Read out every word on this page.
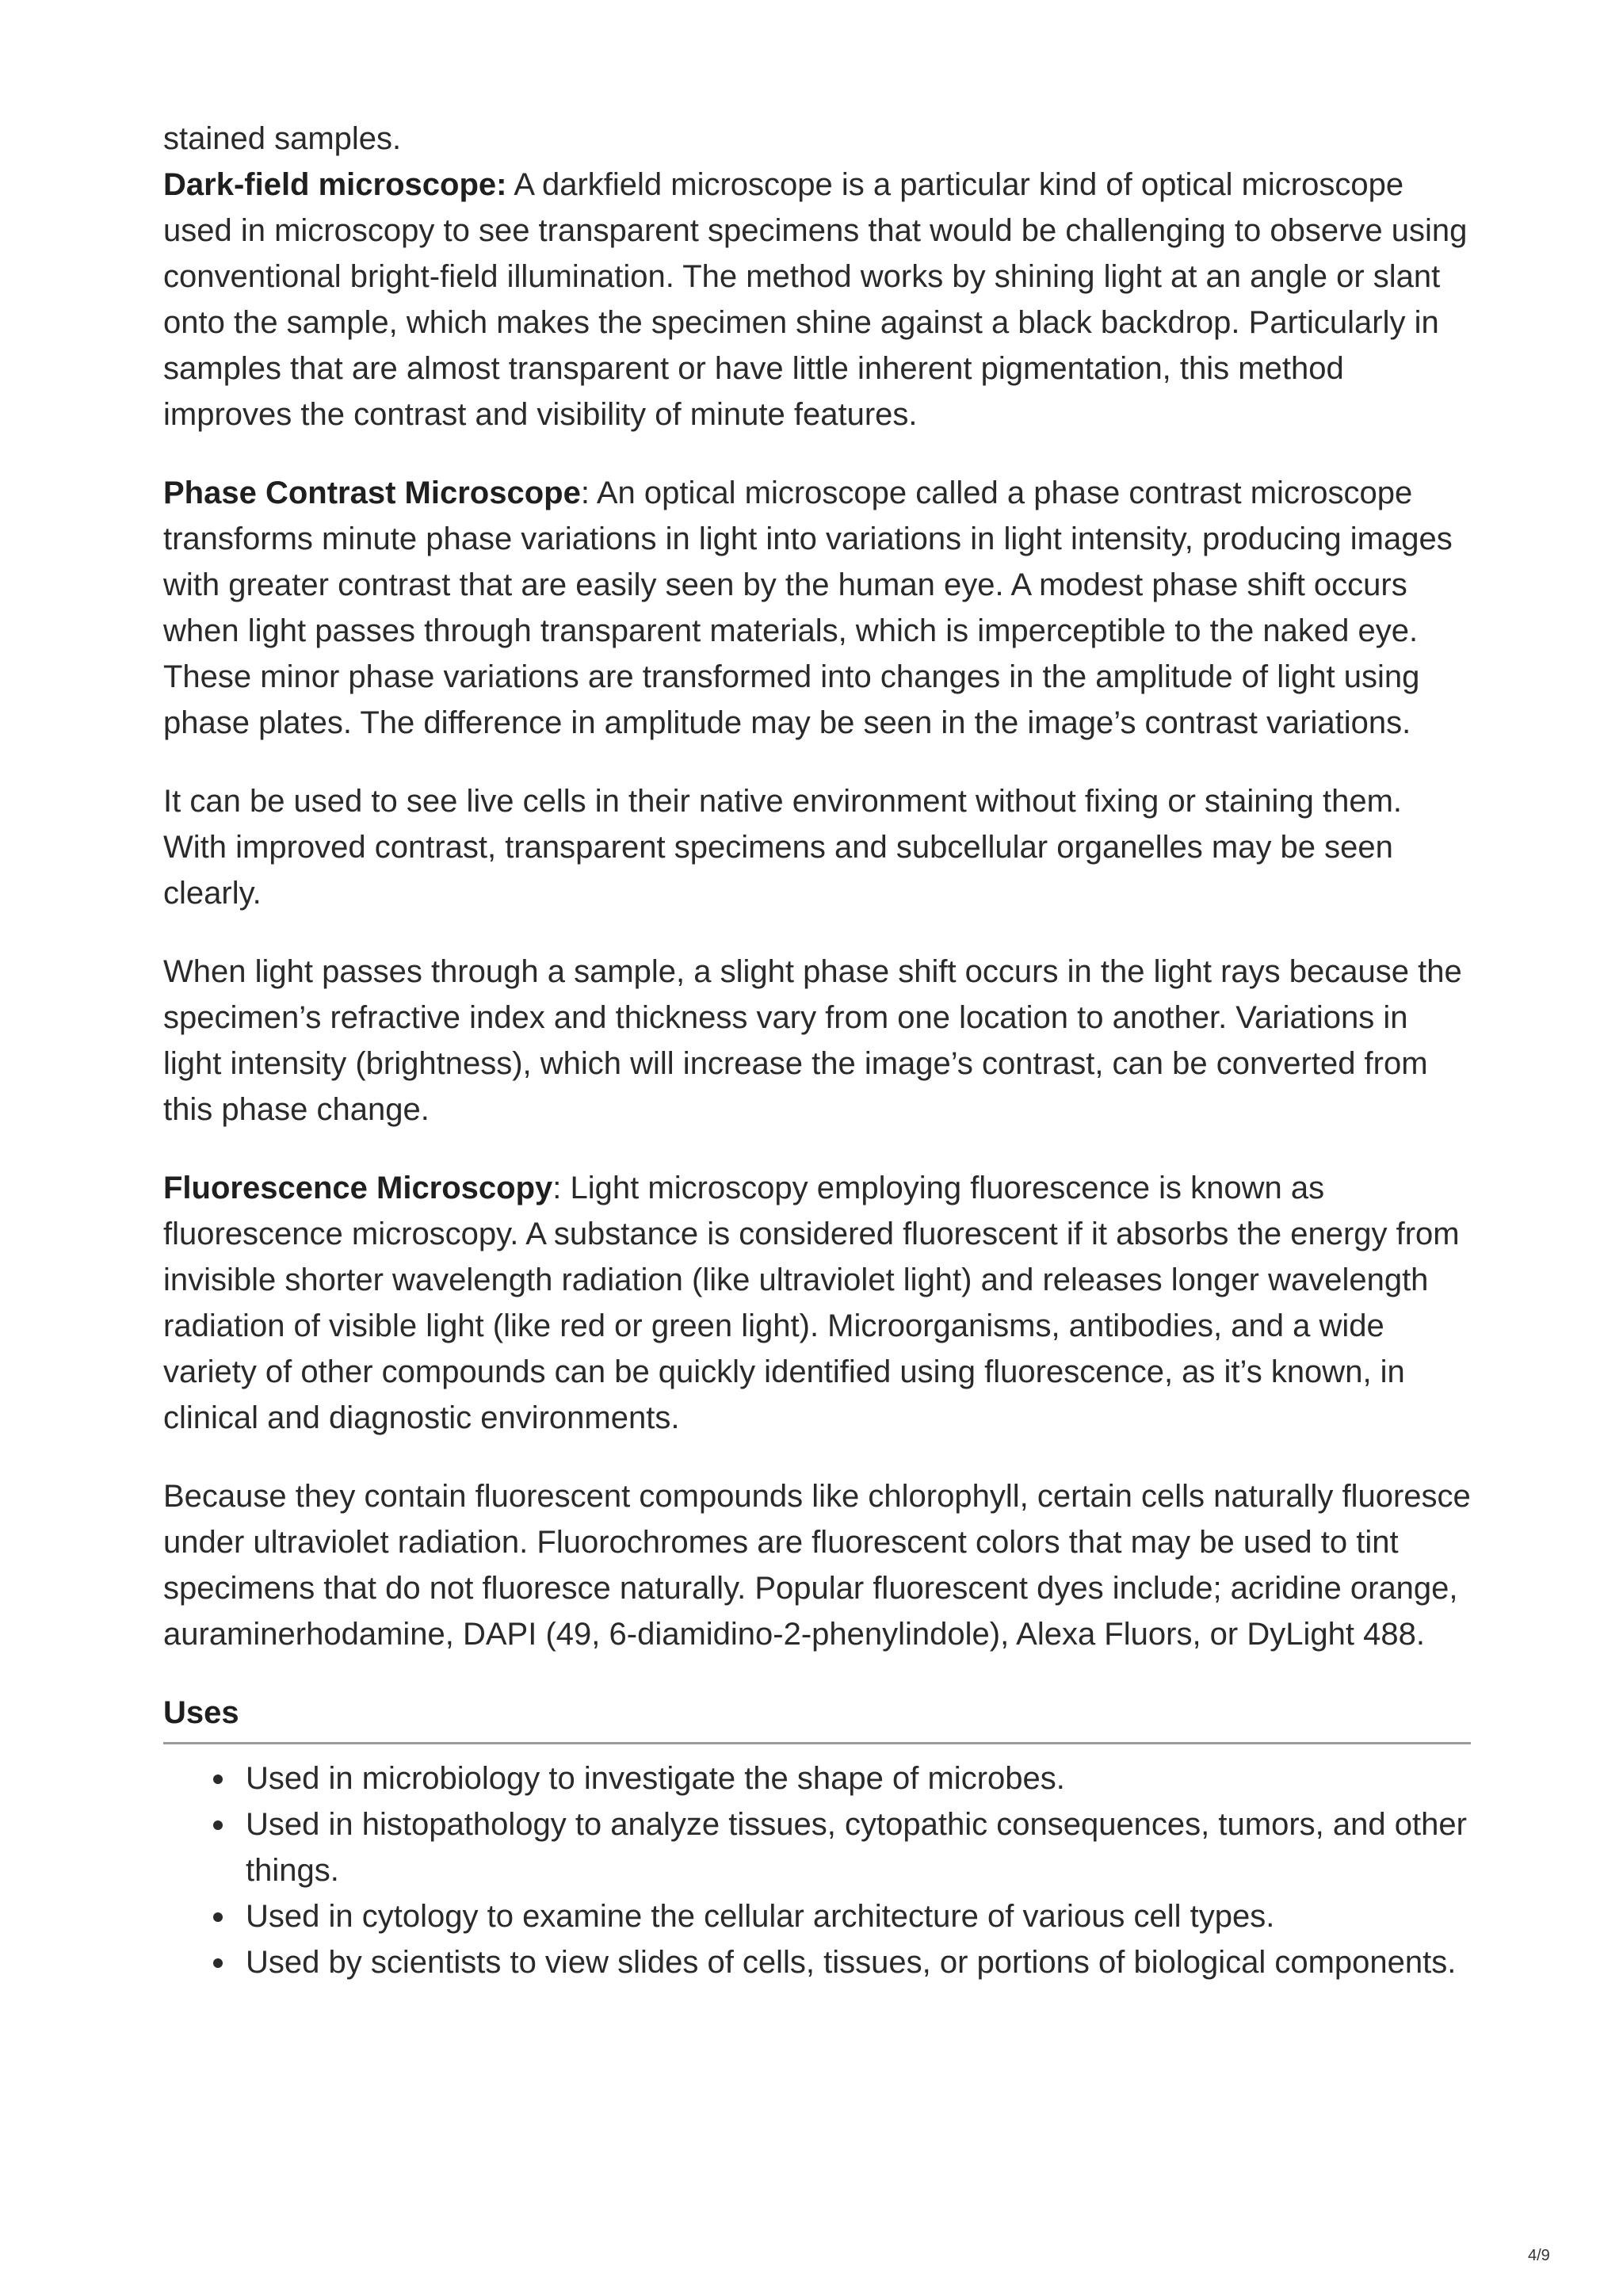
stained samples.

Dark-field microscope: A darkfield microscope is a particular kind of optical microscope used in microscopy to see transparent specimens that would be challenging to observe using conventional bright-field illumination. The method works by shining light at an angle or slant onto the sample, which makes the specimen shine against a black backdrop. Particularly in samples that are almost transparent or have little inherent pigmentation, this method improves the contrast and visibility of minute features.

Phase Contrast Microscope: An optical microscope called a phase contrast microscope transforms minute phase variations in light into variations in light intensity, producing images with greater contrast that are easily seen by the human eye. A modest phase shift occurs when light passes through transparent materials, which is imperceptible to the naked eye. These minor phase variations are transformed into changes in the amplitude of light using phase plates. The difference in amplitude may be seen in the image’s contrast variations.

It can be used to see live cells in their native environment without fixing or staining them. With improved contrast, transparent specimens and subcellular organelles may be seen clearly.

When light passes through a sample, a slight phase shift occurs in the light rays because the specimen’s refractive index and thickness vary from one location to another. Variations in light intensity (brightness), which will increase the image’s contrast, can be converted from this phase change.

Fluorescence Microscopy: Light microscopy employing fluorescence is known as fluorescence microscopy. A substance is considered fluorescent if it absorbs the energy from invisible shorter wavelength radiation (like ultraviolet light) and releases longer wavelength radiation of visible light (like red or green light). Microorganisms, antibodies, and a wide variety of other compounds can be quickly identified using fluorescence, as it’s known, in clinical and diagnostic environments.

Because they contain fluorescent compounds like chlorophyll, certain cells naturally fluoresce under ultraviolet radiation. Fluorochromes are fluorescent colors that may be used to tint specimens that do not fluoresce naturally. Popular fluorescent dyes include; acridine orange, auraminerhodamine, DAPI (49, 6-diamidino-2-phenylindole), Alexa Fluors, or DyLight 488.

Uses
Used in microbiology to investigate the shape of microbes.
Used in histopathology to analyze tissues, cytopathic consequences, tumors, and other things.
Used in cytology to examine the cellular architecture of various cell types.
Used by scientists to view slides of cells, tissues, or portions of biological components.
4/9
